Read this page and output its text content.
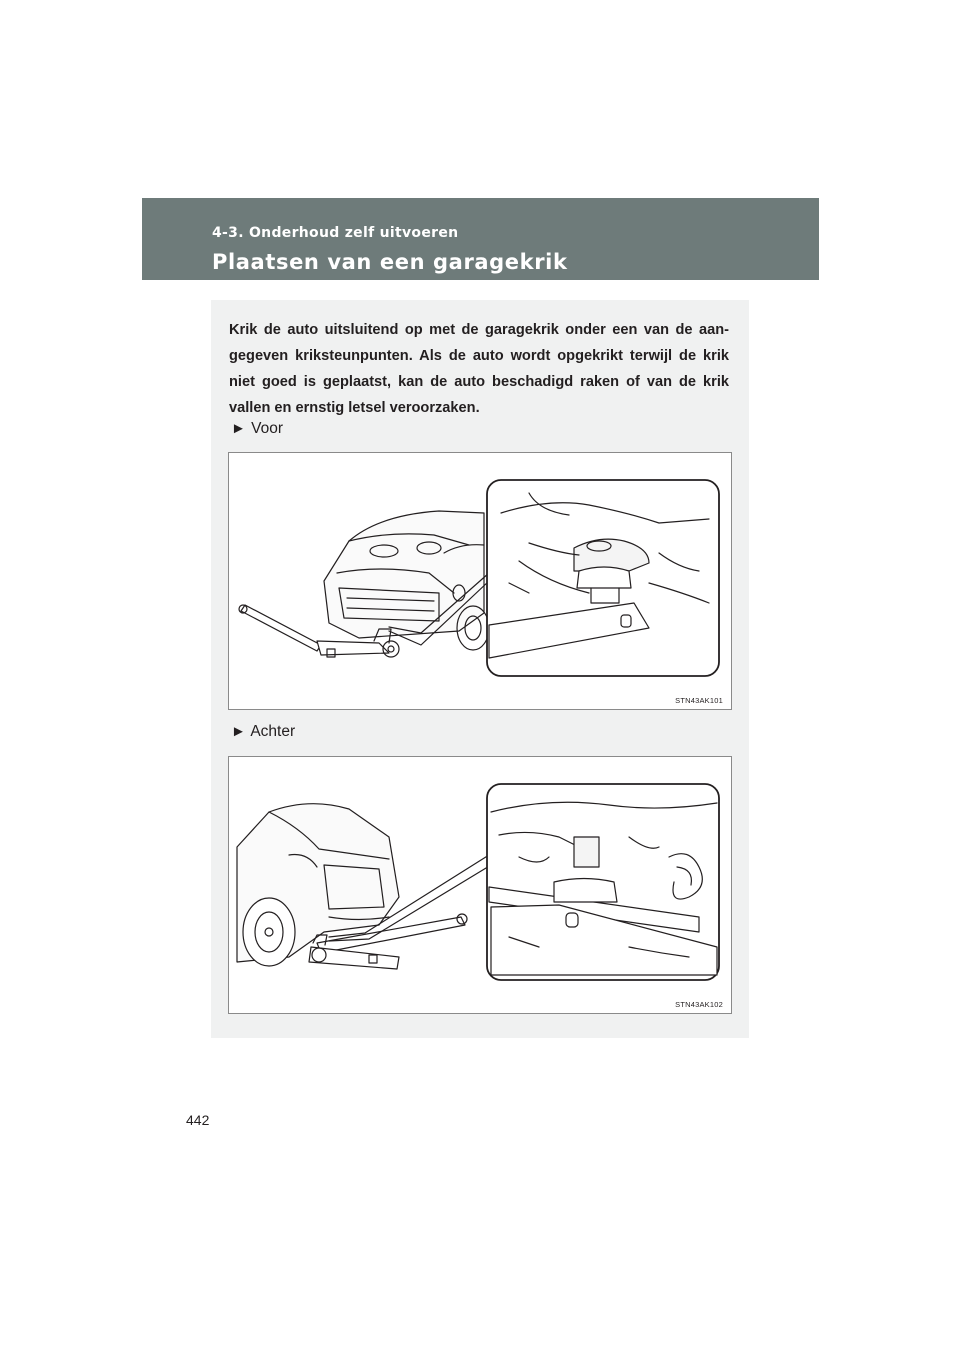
4-3. Onderhoud zelf uitvoeren
Plaatsen van een garagekrik

Krik de auto uitsluitend op met de garagekrik onder een van de aan- gegeven kriksteunpunten. Als de auto wordt opgekrikt terwijl de krik niet goed is geplaatst, kan de auto beschadigd raken of van de krik vallen en ernstig letsel veroorzaken.

► Voor
STN43AK101
► Achter
STN43AK102
442
